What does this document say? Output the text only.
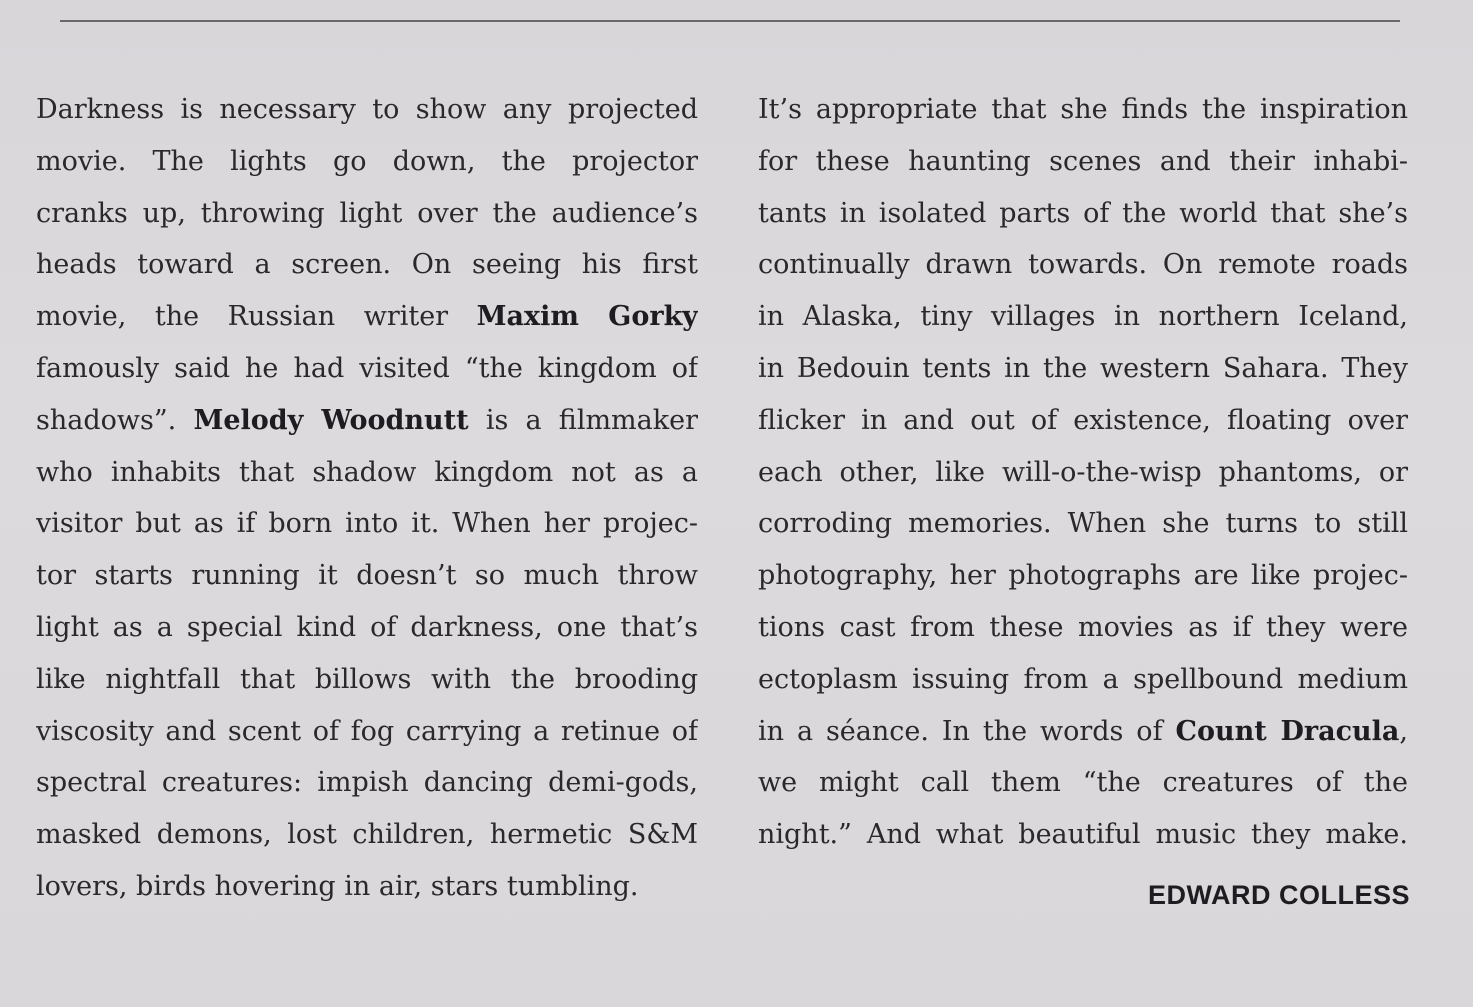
Darkness is necessary to show any projected
movie. The lights go down, the projector
cranks up, throwing light over the audience’s
heads toward a screen. On seeing his first
movie, the Russian writer Maxim Gorky
famously said he had visited “the kingdom of
shadows”. Melody Woodnutt is a filmmaker
who inhabits that shadow kingdom not as a
visitor but as if born into it. When her projec-
tor starts running it doesn’t so much throw
light as a special kind of darkness, one that’s
like nightfall that billows with the brooding
viscosity and scent of fog carrying a retinue of
spectral creatures: impish dancing demi-gods,
masked demons, lost children, hermetic S&M
lovers, birds hovering in air, stars tumbling.
It’s appropriate that she finds the inspiration
for these haunting scenes and their inhabi-
tants in isolated parts of the world that she’s
continually drawn towards. On remote roads
in Alaska, tiny villages in northern Iceland,
in Bedouin tents in the western Sahara. They
flicker in and out of existence, floating over
each other, like will-o-the-wisp phantoms, or
corroding memories. When she turns to still
photography, her photographs are like projec-
tions cast from these movies as if they were
ectoplasm issuing from a spellbound medium
in a séance. In the words of Count Dracula,
we might call them “the creatures of the
night.” And what beautiful music they make.
EDWARD COLLESS
